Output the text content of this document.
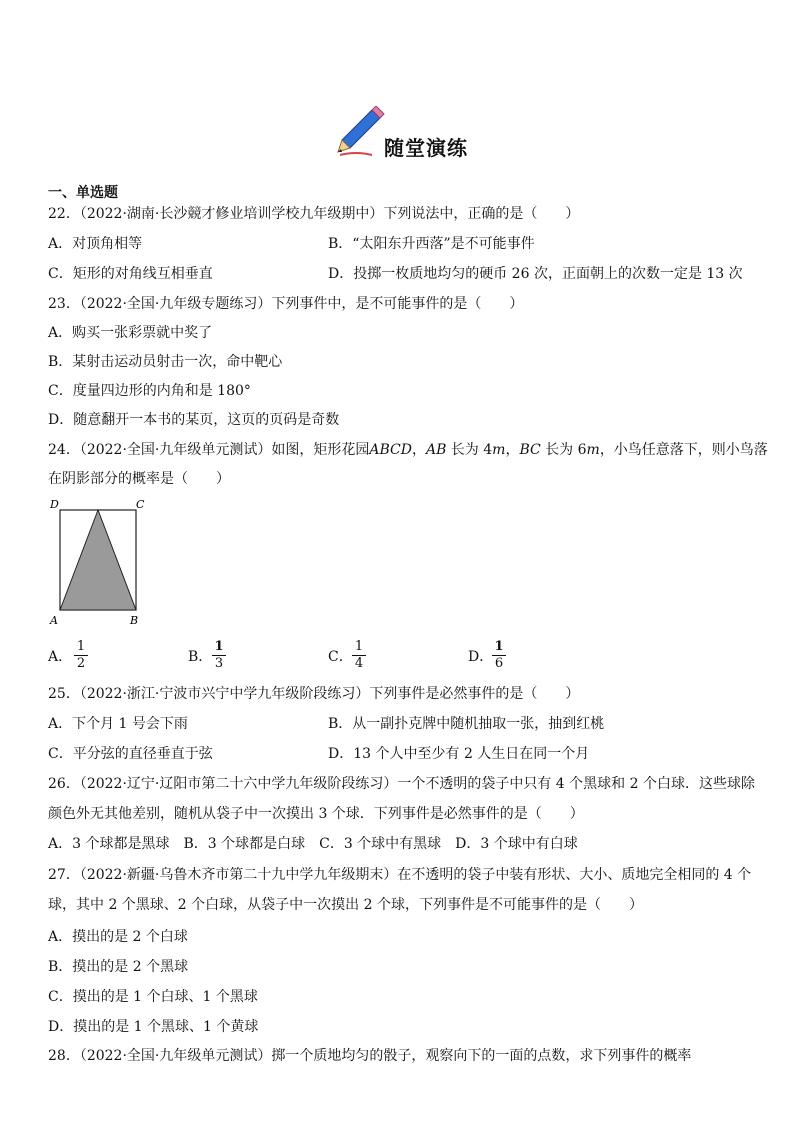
随堂演练
一、单选题
22．（2022·湖南·长沙競才修业培训学校九年级期中）下列说法中，正确的是（　　）
A．对顶角相等	B．“太阳东升西落”是不可能事件
C．矩形的对角线互相垂直	D．投掷一枚质地均匀的硬币 26 次，正面朝上的次数一定是 13 次
23．（2022·全国·九年级专题练习）下列事件中，是不可能事件的是（　　）
A．购买一张彩票就中奖了
B．某射击运动员射击一次，命中靶心
C．度量四边形的内角和是 180°
D．随意翻开一本书的某页，这页的页码是奇数
24．（2022·全国·九年级单元测试）如图，矩形花园ABCD，AB 长为 4m，BC 长为 6m，小鸟任意落下，则小鸟落
在阴影部分的概率是（　　）
D	C
A	B
A． $\frac{1}{2}$	B． $\frac{1}{3}$	C． $\frac{1}{4}$	D．
$\frac{1}{6}$
25．（2022·浙江·宁波市兴宁中学九年级阶段练习）下列事件是必然事件的是（　　）
A．下个月 1 号会下雨	B．从一副扑克牌中随机抽取一张，抽到红桃
C．平分弦的直径垂直于弦	D．13 个人中至少有 2 人生日在同一个月
26．（2022·辽宁·辽阳市第二十六中学九年级阶段练习）一个不透明的袋子中只有 4 个黑球和 2 个白球．这些球除
颜色外无其他差别，随机从袋子中一次摸出 3 个球．下列事件是必然事件的是（　　）
A．3 个球都是黑球　B．3 个球都是白球　C．3 个球中有黑球　D．3 个球中有白球
27．（2022·新疆·乌鲁木齐市第二十九中学九年级期末）在不透明的袋子中装有形状、大小、质地完全相同的 4 个
球，其中 2 个黑球、2 个白球，从袋子中一次摸出 2 个球，下列事件是不可能事件的是（　　）
A．摸出的是 2 个白球
B．摸出的是 2 个黑球
C．摸出的是 1 个白球、1 个黑球
D．摸出的是 1 个黑球、1 个黄球
28．（2022·全国·九年级单元测试）掷一个质地均匀的骰子，观察向下的一面的点数，求下列事件的概率
